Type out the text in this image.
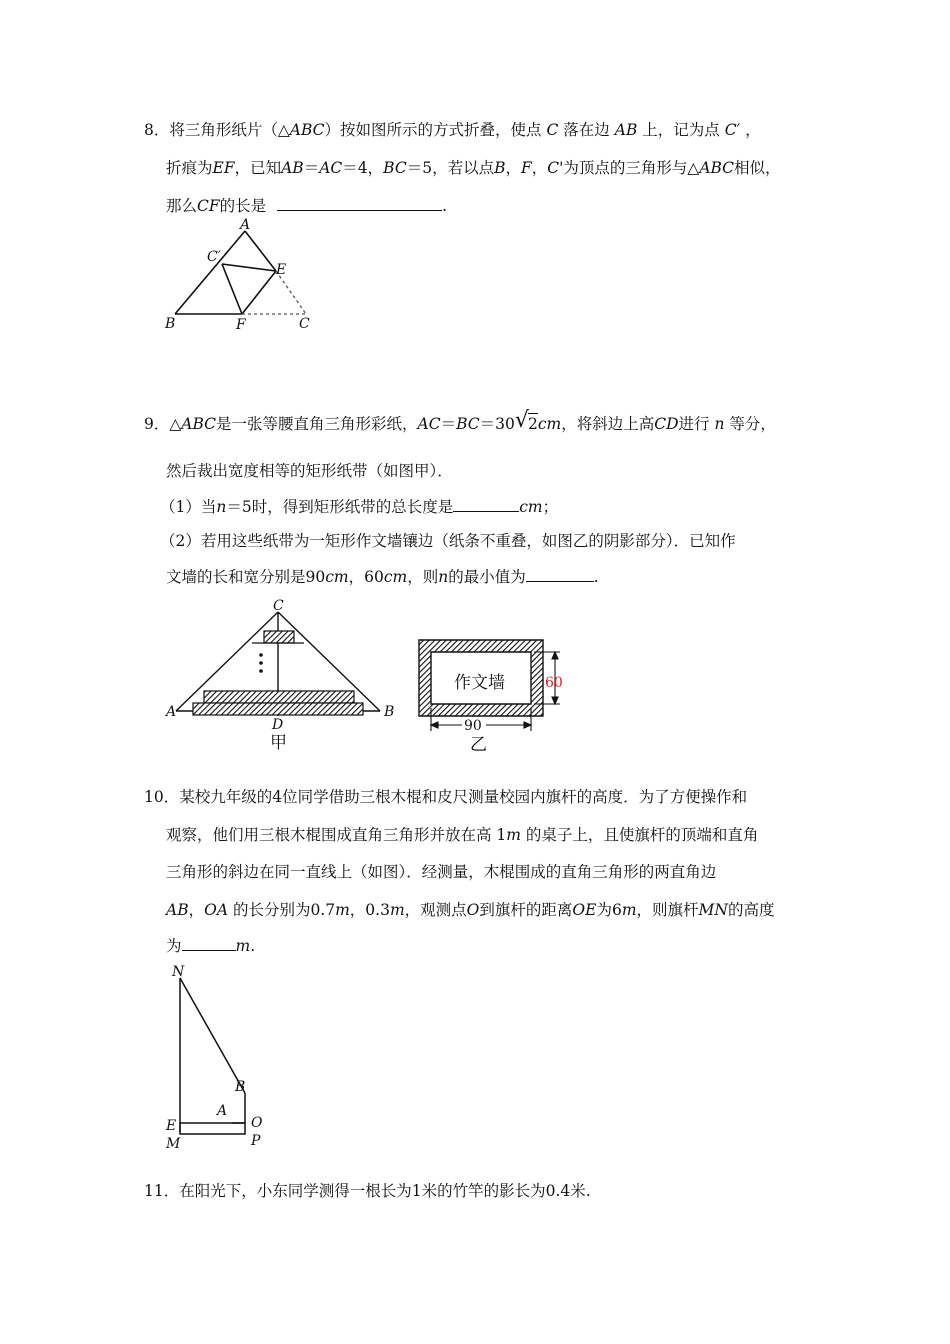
8．将三角形纸片（△ABC）按如图所示的方式折叠，使点 C 落在边 AB 上，记为点 C′ ，
折痕为EF，已知AB＝AC＝4，BC＝5，若以点B，F，C'为顶点的三角形与△ABC相似，
那么CF的长是	.
A
C′
E
B	F	C
9．△ABC是一张等腰直角三角形彩纸，AC＝BC＝30√2cm，将斜边上高CD进行 n 等分，
然后裁出宽度相等的矩形纸带（如图甲）．
（1）当n＝5时，得到矩形纸带的总长度是	cm；
（2）若用这些纸带为一矩形作文墙镶边（纸条不重叠，如图乙的阴影部分）．已知作
文墙的长和宽分别是90cm，60cm，则n的最小值为	.
C
A
D
B
甲
作文墙	60
90
乙
10．某校九年级的4位同学借助三根木棍和皮尺测量校园内旗杆的高度．为了方便操作和
观察，他们用三根木棍围成直角三角形并放在高 1m 的桌子上，且使旗杆的顶端和直角
三角形的斜边在同一直线上（如图）．经测量，木棍围成的直角三角形的两直角边
AB，OA 的长分别为0.7m，0.3m，观测点O到旗杆的距离OE为6m，则旗杆MN的高度
为	m.
N
B
A
E	O
M	P
11．在阳光下，小东同学测得一根长为1米的竹竿的影长为0.4米.
